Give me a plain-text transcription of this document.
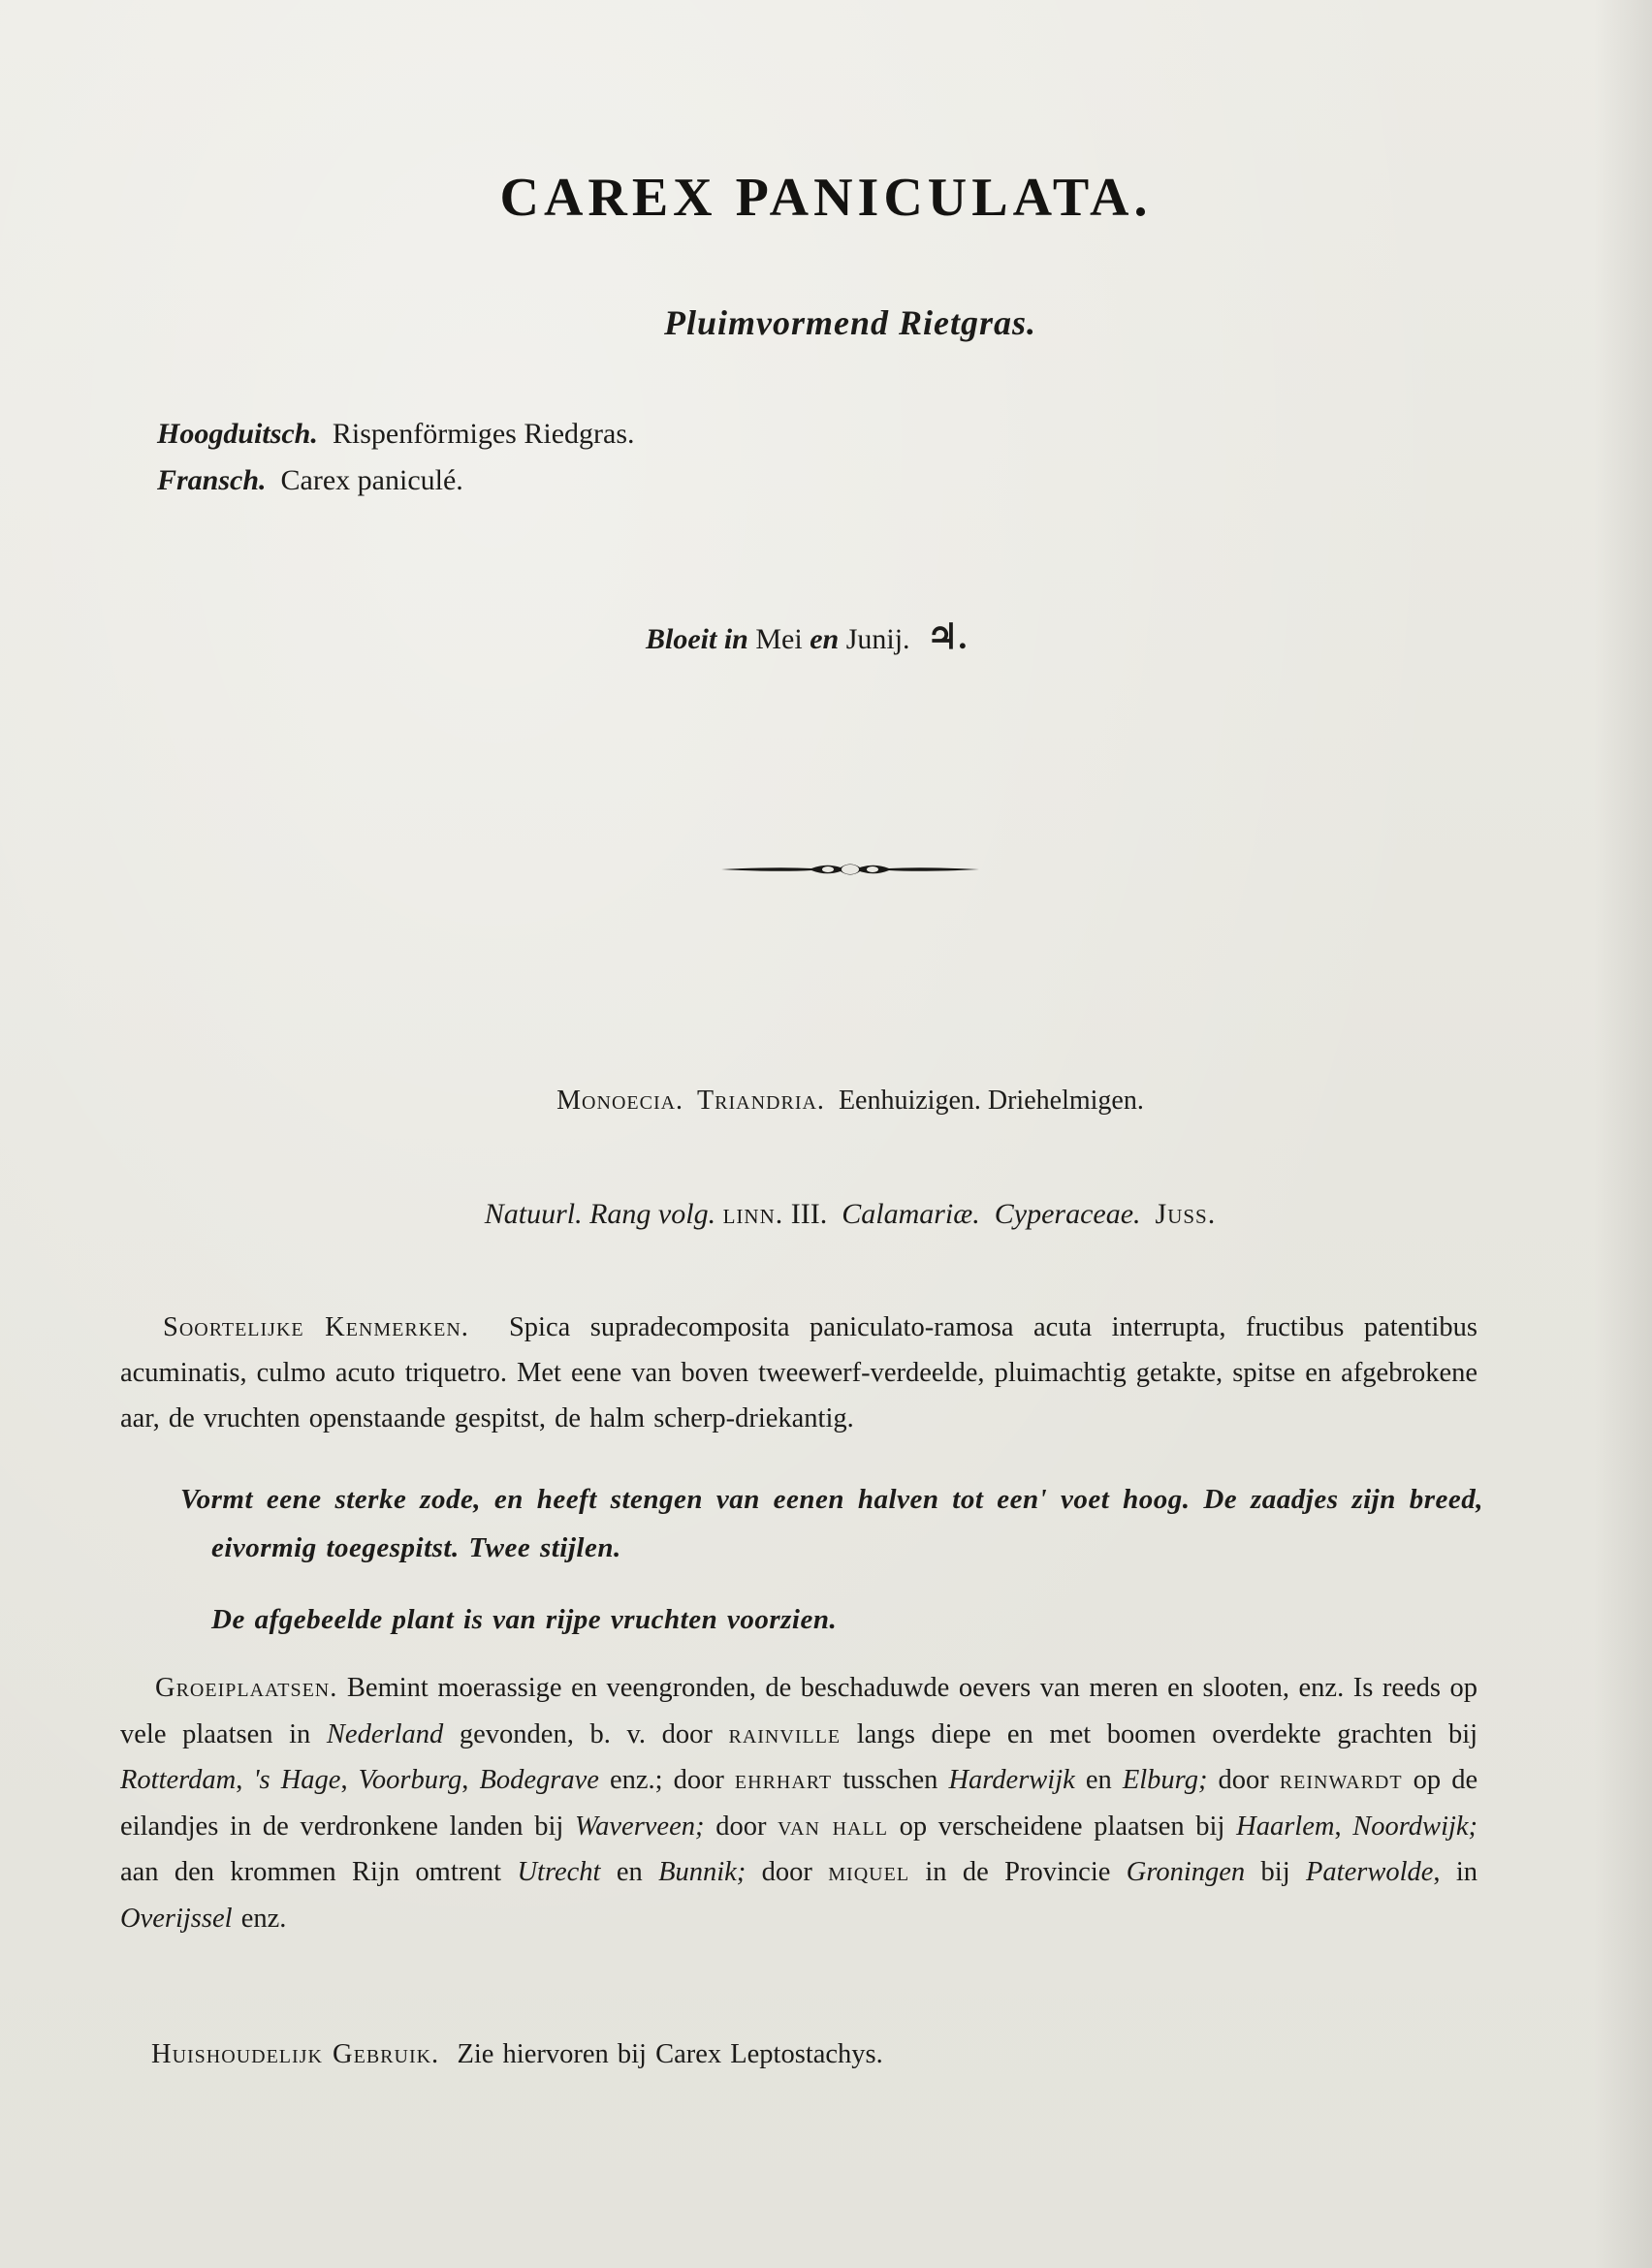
CAREX PANICULATA.
Pluimvormend Rietgras.
Hoogduitsch. Rispenförmiges Riedgras.
Fransch. Carex paniculé.
Bloeit in Mei en Junij. ♃.
Monoecia. Triandria. Eenhuizigen. Driehelmigen.
Natuurl. Rang volg. linn. III. Calamariæ. Cyperaceae. Juss.
Soortelijke Kenmerken. Spica supradecomposita paniculato-ramosa acuta interrupta, fructibus patentibus acuminatis, culmo acuto triquetro. Met eene van boven tweewerf-verdeelde, pluimachtig getakte, spitse en afgebrokene aar, de vruchten openstaande gespitst, de halm scherp-driekantig.
Vormt eene sterke zode, en heeft stengen van eenen halven tot een' voet hoog. De zaadjes zijn breed, eivormig toegespitst. Twee stijlen.
De afgebeelde plant is van rijpe vruchten voorzien.
Groeiplaatsen. Bemint moerassige en veengronden, de beschaduwde oevers van meren en slooten, enz. Is reeds op vele plaatsen in Nederland gevonden, b. v. door rainville langs diepe en met boomen overdekte grachten bij Rotterdam, 's Hage, Voorburg, Bodegrave enz.; door ehrhart tusschen Harderwijk en Elburg; door reinwardt op de eilandjes in de verdronkene landen bij Waverveen; door van hall op verscheidene plaatsen bij Haarlem, Noordwijk; aan den krommen Rijn omtrent Utrecht en Bunnik; door miquel in de Provincie Groningen bij Paterwolde, in Overijssel enz.
Huishoudelijk Gebruik. Zie hiervoren bij Carex Leptostachys.
